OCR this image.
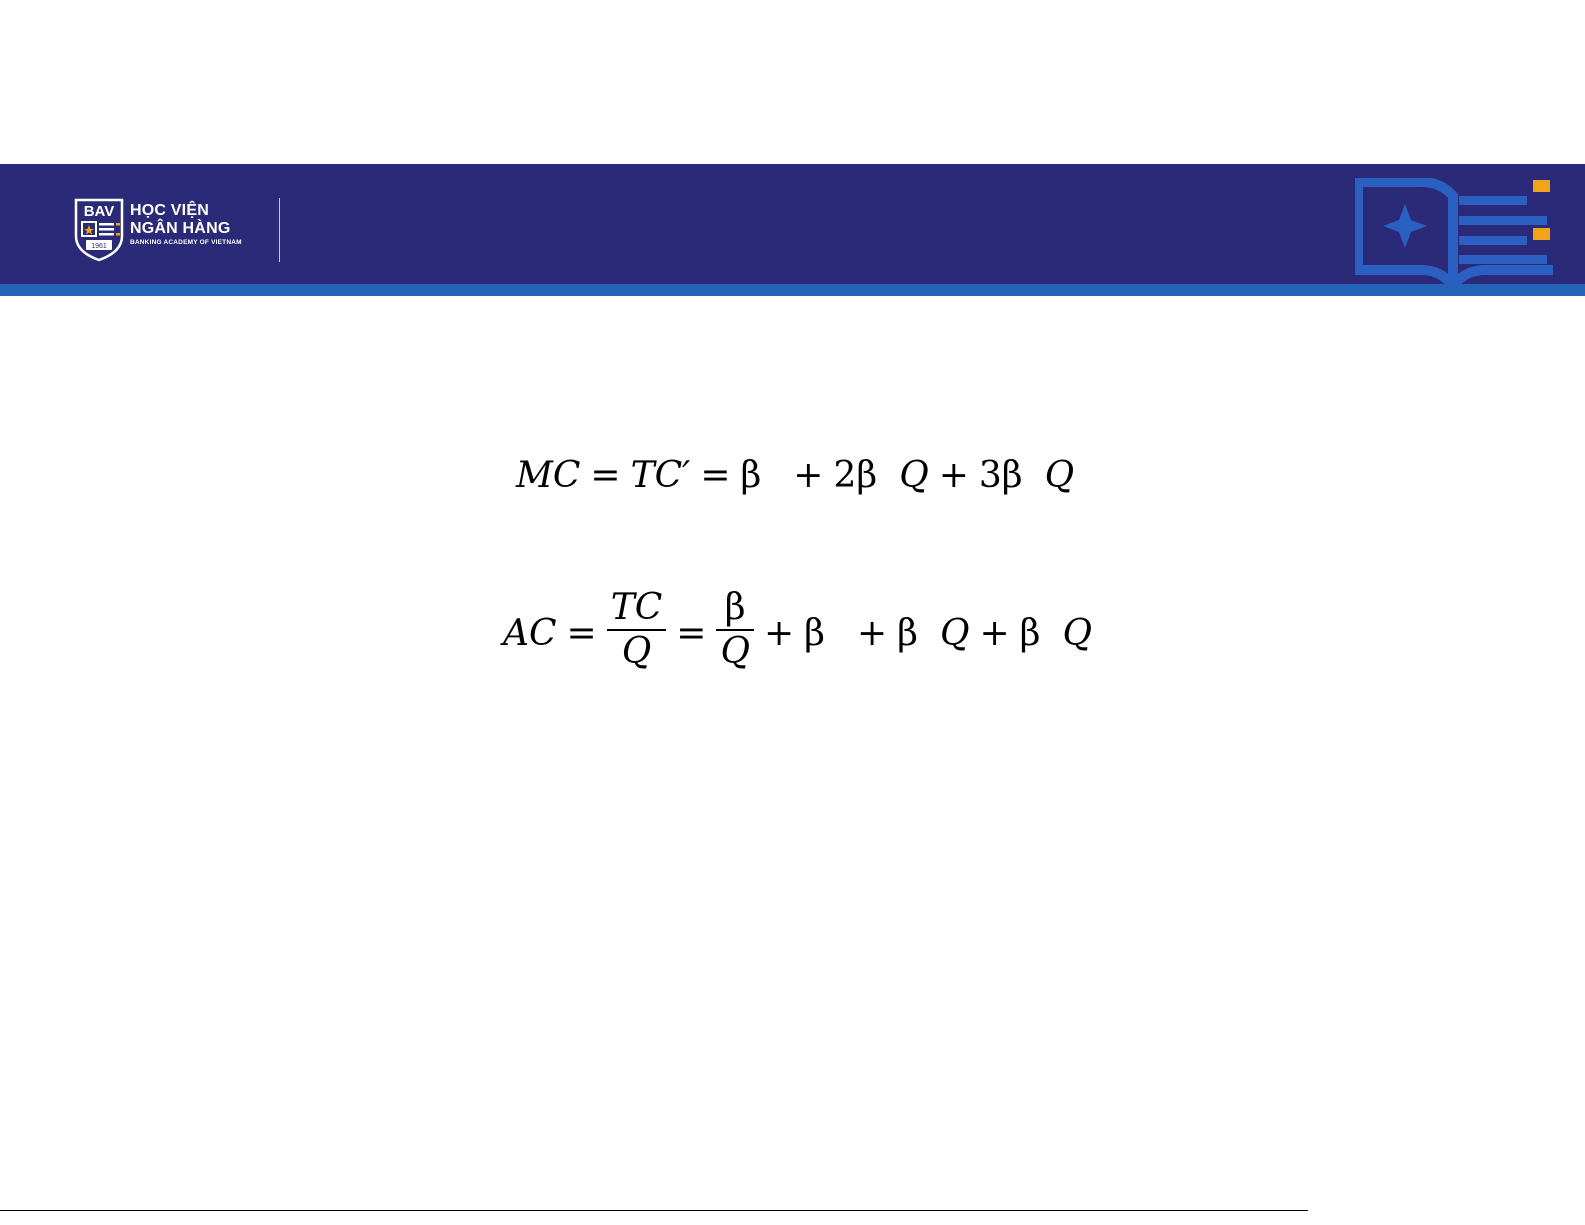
BAV
1961
HỌC VIỆN
NGÂN HÀNG
BANKING ACADEMY OF VIETNAM
MC = TC′ = β + 2β Q + 3β Q
AC = $\frac{TC}{Q} = \frac{\beta}{Q} + \beta + \beta$ Q + β Q
